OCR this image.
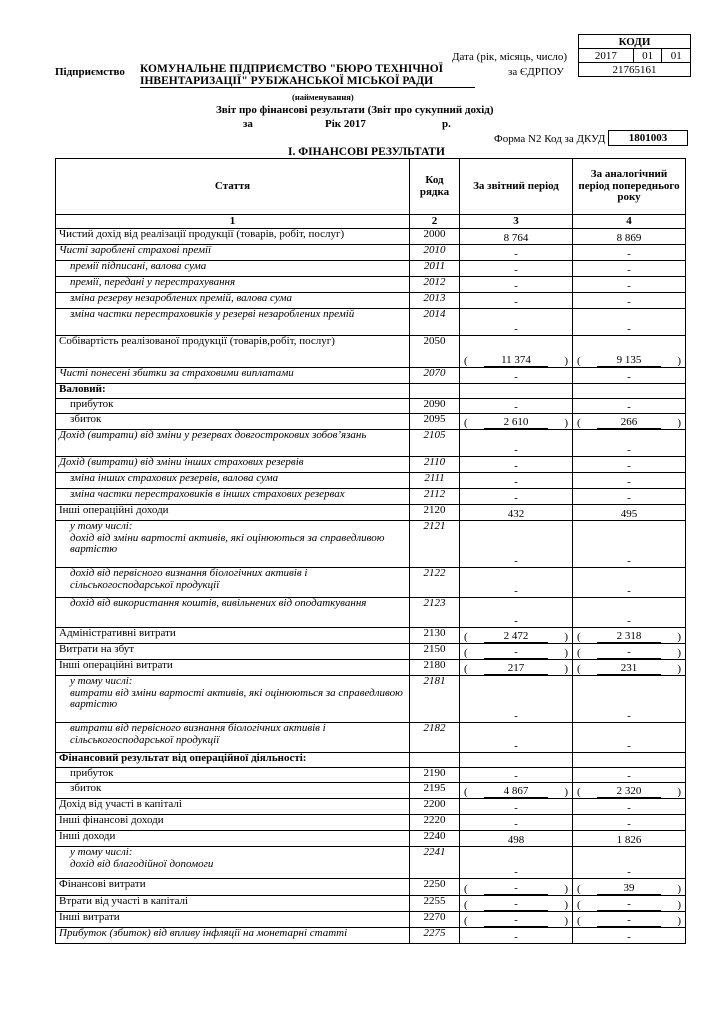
КОДИ
2017	01	01
21765161
Дата (рік, місяць, число)
за ЄДРПОУ
Підприємство КОМУНАЛЬНЕ ПІДПРИЄМСТВО "БЮРО ТЕХНІЧНОЇ
ІНВЕНТАРИЗАЦІЇ" РУБІЖАНСЬКОЇ МІСЬКОЇ РАДИ
(найменування)
Звіт про фінансові результати (Звіт про сукупний дохід)
за	Рік 2017	р.
Форма N2 Код за ДКУД	1801003
І. ФІНАНСОВІ РЕЗУЛЬТАТИ
Стаття	Код рядка	За звітний період	За аналогічний період попереднього року
1	2	3	4

Чистий дохід від реалізації продукції (товарів, робіт, послуг)	2000	8 764	8 869

Чисті зароблені страхові премії	2010	-	-

премії підписані, валова сума	2011	-	-

премії, передані у перестрахування	2012	-	-

зміна резерву незароблених премій, валова сума	2013	-	-

зміна частки перестраховиків у резерві незароблених премій	2014	-	-

Собівартість реалізованої продукції (товарів,робіт, послуг)	2050	( 11 374 )	( 9 135 )

Чисті понесені збитки за страховими виплатами	2070	-	-

Валовий:			

прибуток	2090	-	-

збиток	2095	( 2 610 )	( 266 )

Дохід (витрати) від зміни у резервах довгострокових зобов’язань	2105	-	-

Дохід (витрати) від зміни інших страхових резервів	2110	-	-

зміна інших страхових резервів, валова сума	2111	-	-

зміна частки перестраховиків в інших страхових резервах	2112	-	-

Інші операційні доходи	2120	432	495

у тому числі:
дохід від зміни вартості активів, які оцінюються за справедливою вартістю	2121	-	-

дохід від первісного визнання біологічних активів і сільськогосподарської продукції	2122	-	-

дохід від використання коштів, вивільнених від оподаткування	2123	-	-

Адміністративні витрати	2130	( 2 472 )	( 2 318 )

Витрати на збут	2150	( - )	( - )

Інші операційні витрати	2180	( 217 )	( 231 )

у тому числі:
витрати від зміни вартості активів, які оцінюються за справедливою вартістю	2181	-	-

витрати від первісного визнання біологічних активів і сільськогосподарської продукції	2182	-	-

Фінансовий результат від операційної діяльності:			

прибуток	2190	-	-

збиток	2195	( 4 867 )	( 2 320 )

Дохід від участі в капіталі	2200	-	-

Інші фінансові доходи	2220	-	-

Інші доходи	2240	498	1 826

у тому числі:
дохід від благодійної допомоги	2241	-	-

Фінансові витрати	2250	( - )	( 39 )

Втрати від участі в капіталі	2255	( - )	( - )

Інші витрати	2270	( - )	( - )

Прибуток (збиток) від впливу інфляції на монетарні статті	2275	-	-
